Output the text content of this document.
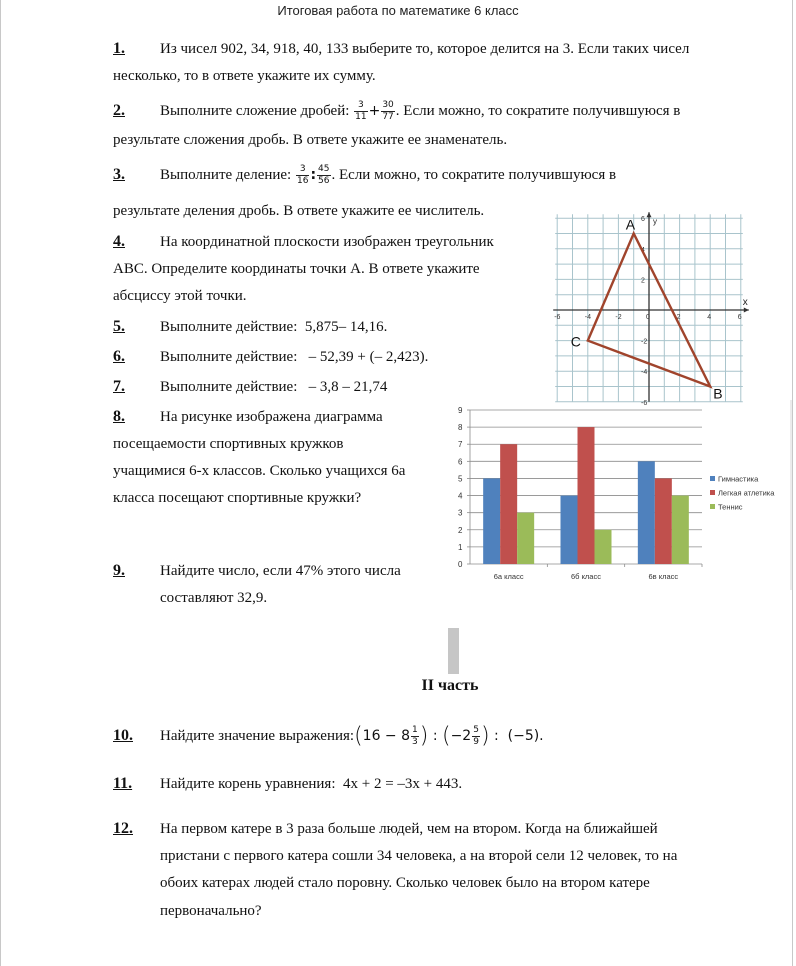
Итоговая работа по математике 6 класс
1. Из чисел 902, 34, 918, 40, 133 выберите то, которое делится на 3. Если таких чисел
несколько, то в ответе укажите их сумму.
2. Выполните сложение дробей: $\frac{3}{11} + \frac{30}{77}$ . Если можно, то сократите получившуюся в
результате сложения дробь. В ответе укажите ее знаменатель.
3. Выполните деление: $\frac{3}{16}$ : $\frac{45}{56}$ . Если можно, то сократите получившуюся в
результате деления дробь. В ответе укажите ее числитель.
4. На координатной плоскости изображен треугольник
ABC. Определите координаты точки А. В ответе укажите
абсциссу этой точки.
5. Выполните действие: 5,875– 14,16.
6. Выполните действие: – 52,39 + (– 2,423).
7. Выполните действие: – 3,8 – 21,74
8. На рисунке изображена диаграмма
посещаемости спортивных кружков
учащимися 6-х классов. Сколько учащихся 6а
класса посещают спортивные кружки?
9. Найдите число, если 47% этого числа
составляют 32,9.
II часть
10. Найдите значение выражения:(16 − $8 \frac{1}{3}$ ) : ($-2 \frac{5}{9}$ ) : (−5).
11. Найдите корень уравнения: 4x + 2 = –3x + 443.
12. На первом катере в 3 раза больше людей, чем на втором. Когда на ближайшей
пристани с первого катера сошли 34 человека, а на второй сели 12 человек, то на
обоих катерах людей стало поровну. Сколько человек было на втором катере
первоначально?
x
y
-6	-4	-2	0	2	4	6
6
4
2
-2
-4
-6
A
B
C
0
1
2
3
4
5
6
7
8
9
6а класс	6б класс	6в класс
Гимнастика
Легкая атлетика
Теннис
